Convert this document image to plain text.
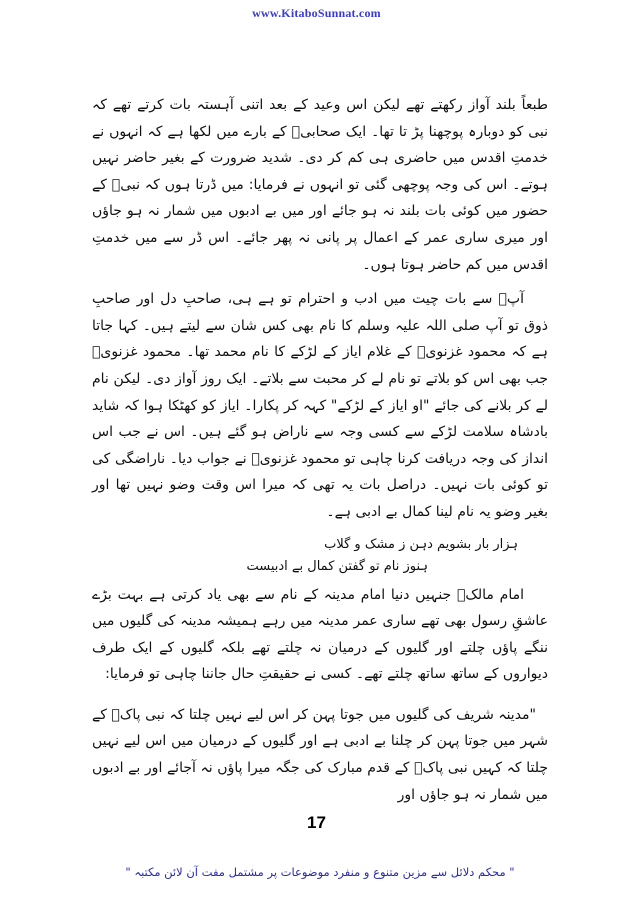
www.KitaboSunnat.com

طبعاً بلند آواز رکھتے تھے لیکن اس وعید کے بعد اتنی آہستہ بات کرتے تھے کہ نبی کو دوبارہ پوچھنا پڑ تا تھا۔ ایک صحابیؓ کے بارے میں لکھا ہے کہ انہوں نے خدمتِ اقدس میں حاضری ہی کم کر دی۔ شدید ضرورت کے بغیر حاضر نہیں ہوتے۔ اس کی وجہ پوچھی گئی تو انہوں نے فرمایا: میں ڈرتا ہوں کہ نبیؐ کے حضور میں کوئی بات بلند نہ ہو جائے اور میں بے ادبوں میں شمار نہ ہو جاؤں اور میری ساری عمر کے اعمال پر پانی نہ پھر جائے۔ اس ڈر سے میں خدمتِ اقدس میں کم حاضر ہوتا ہوں۔

آپؐ سے بات چیت میں ادب و احترام تو ہے ہی، صاحبِ دل اور صاحبِ ذوق تو آپ صلی اللہ علیہ وسلم کا نام بھی کس شان سے لیتے ہیں۔ کہا جاتا ہے کہ محمود غزنویؒ کے غلام ایاز کے لڑکے کا نام محمد تھا۔ محمود غزنویؒ جب بھی اس کو بلاتے تو نام لے کر محبت سے بلاتے۔ ایک روز آواز دی۔ لیکن نام لے کر بلانے کی جائے "او ایاز کے لڑکے" کہہ کر پکارا۔ ایاز کو کھٹکا ہوا کہ شاید بادشاہ سلامت لڑکے سے کسی وجہ سے ناراض ہو گئے ہیں۔ اس نے جب اس انداز کی وجہ دریافت کرنا چاہی تو محمود غزنویؒ نے جواب دیا۔ ناراضگی کی تو کوئی بات نہیں۔ دراصل بات یہ تھی کہ میرا اس وقت وضو نہیں تھا اور بغیر وضو یہ نام لینا کمال بے ادبی ہے۔

ہزار بار بشویم دہن ز مشک و گلاب
ہنوز نام تو گفتن کمال بے ادبیست

امام مالکؒ جنہیں دنیا امام مدینہ کے نام سے بھی یاد کرتی ہے بہت بڑے عاشقِ رسول بھی تھے ساری عمر مدینہ میں رہے ہمیشہ مدینہ کی گلیوں میں ننگے پاؤں چلتے اور گلیوں کے درمیان نہ چلتے تھے بلکہ گلیوں کے ایک طرف دیواروں کے ساتھ ساتھ چلتے تھے۔ کسی نے حقیقتِ حال جاننا چاہی تو فرمایا:

"مدینہ شریف کی گلیوں میں جوتا پہن کر اس لیے نہیں چلتا کہ نبی پاکؐ کے شہر میں جوتا پہن کر چلنا بے ادبی ہے اور گلیوں کے درمیان میں اس لیے نہیں چلتا کہ کہیں نبی پاکؐ کے قدم مبارک کی جگہ میرا پاؤں نہ آجائے اور بے ادبوں میں شمار نہ ہو جاؤں اور

17
" محکم دلائل سے مزین متنوع و منفرد موضوعات پر مشتمل مفت آن لائن مکتبہ "
